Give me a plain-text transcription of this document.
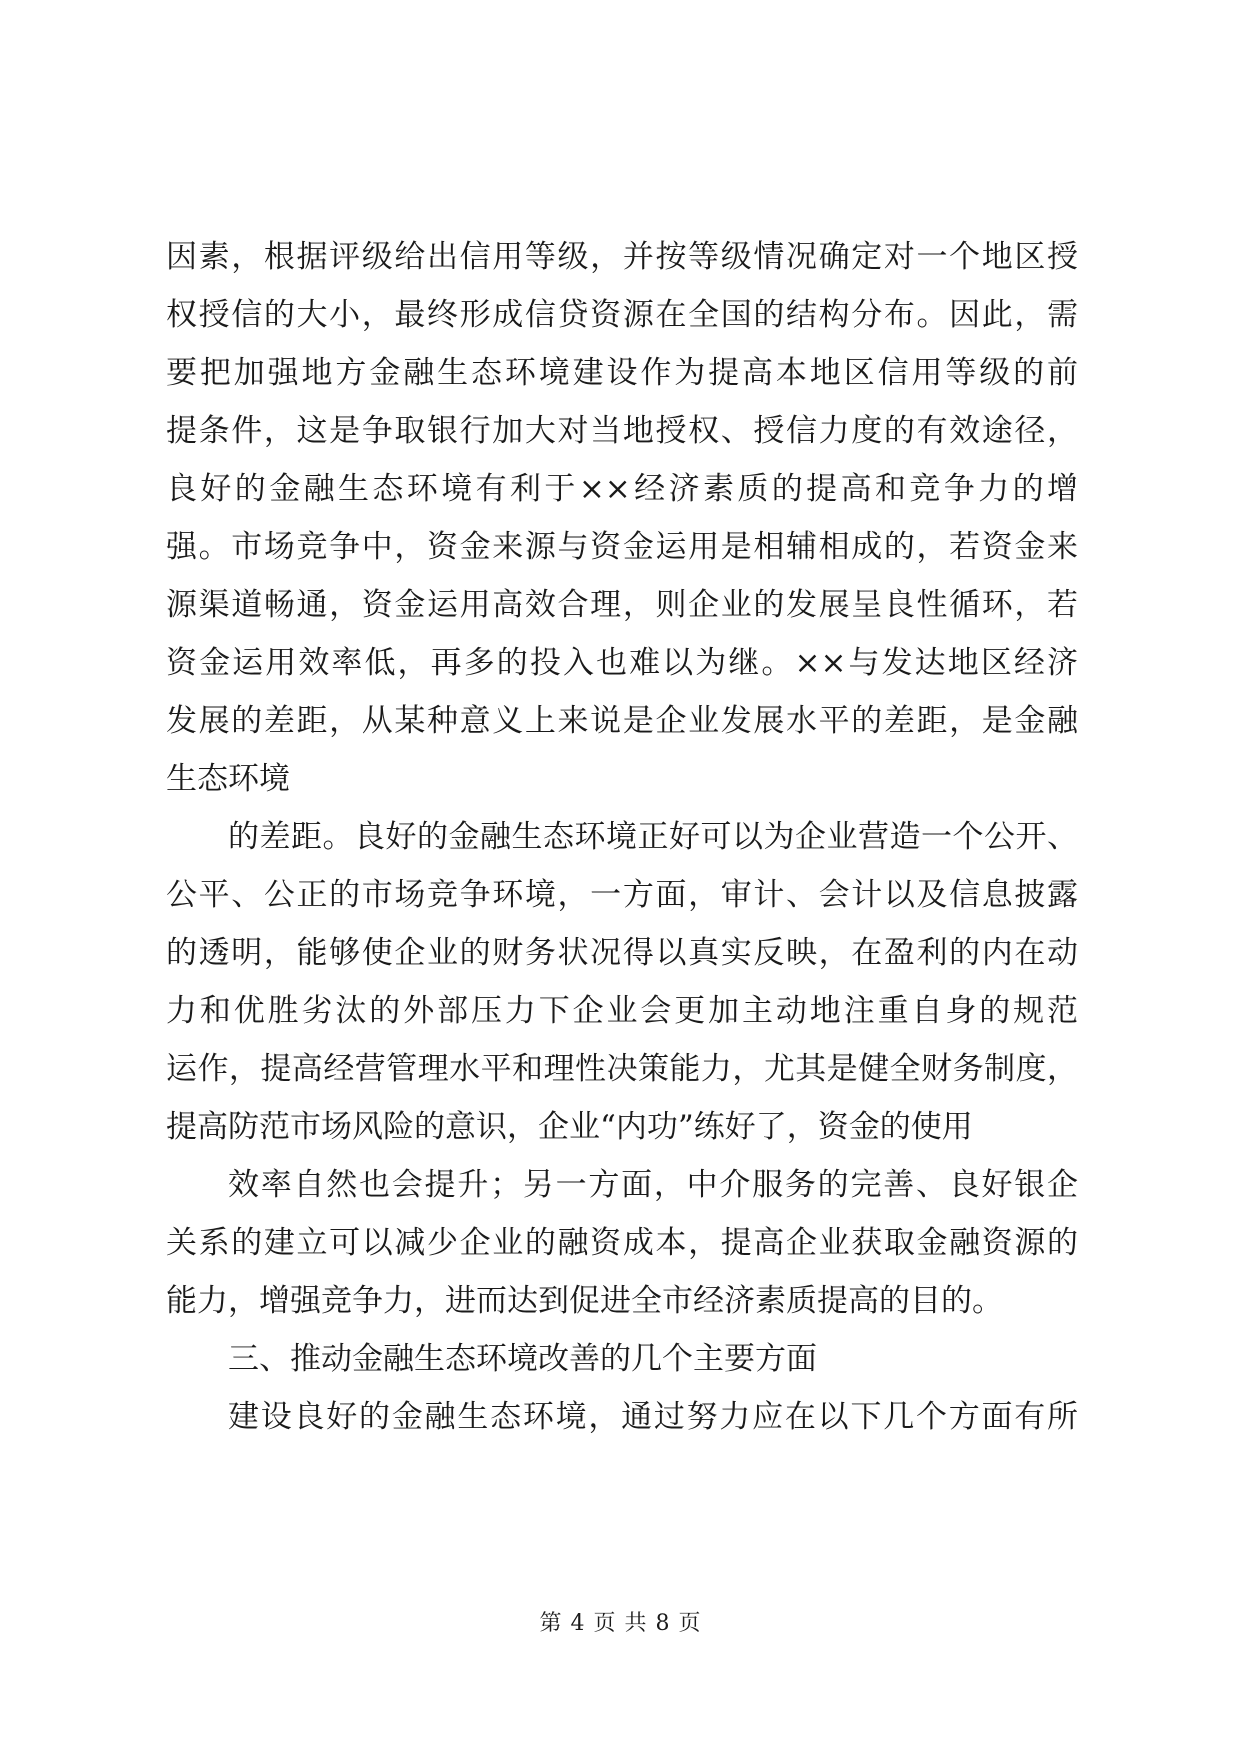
因素，根据评级给出信用等级，并按等级情况确定对一个地区授
权授信的大小，最终形成信贷资源在全国的结构分布。因此，需
要把加强地方金融生态环境建设作为提高本地区信用等级的前
提条件，这是争取银行加大对当地授权、授信力度的有效途径，
良好的金融生态环境有利于××经济素质的提高和竞争力的增
强。市场竞争中，资金来源与资金运用是相辅相成的，若资金来
源渠道畅通，资金运用高效合理，则企业的发展呈良性循环，若
资金运用效率低，再多的投入也难以为继。××与发达地区经济
发展的差距，从某种意义上来说是企业发展水平的差距，是金融
生态环境
的差距。良好的金融生态环境正好可以为企业营造一个公开、
公平、公正的市场竞争环境，一方面，审计、会计以及信息披露
的透明，能够使企业的财务状况得以真实反映，在盈利的内在动
力和优胜劣汰的外部压力下企业会更加主动地注重自身的规范
运作，提高经营管理水平和理性决策能力，尤其是健全财务制度，
提高防范市场风险的意识，企业“内功”练好了，资金的使用
效率自然也会提升；另一方面，中介服务的完善、良好银企
关系的建立可以减少企业的融资成本，提高企业获取金融资源的
能力，增强竞争力，进而达到促进全市经济素质提高的目的。
三、推动金融生态环境改善的几个主要方面
建设良好的金融生态环境，通过努力应在以下几个方面有所
第 4 页 共 8 页
